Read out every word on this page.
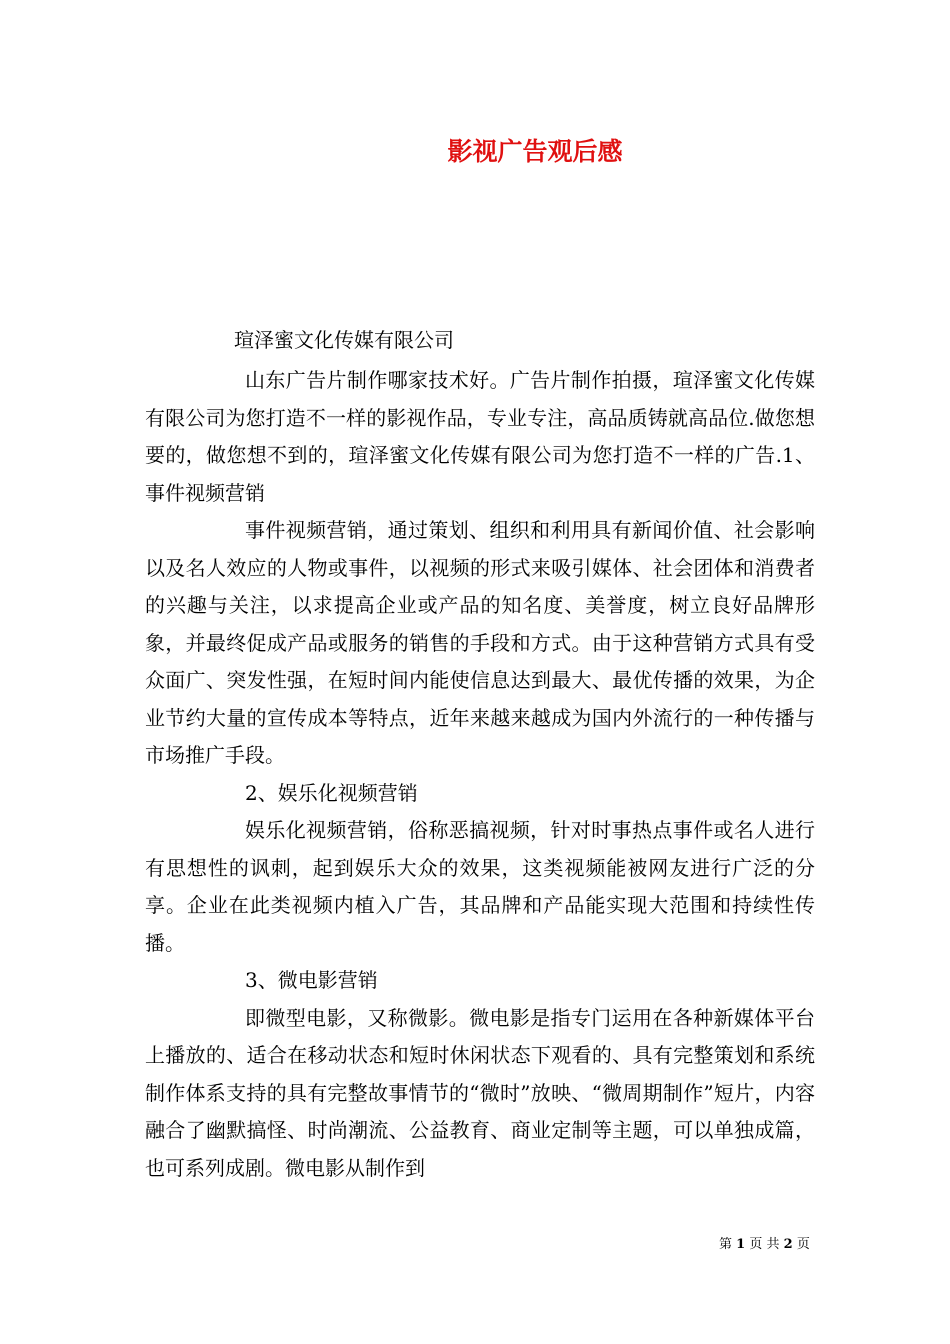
影视广告观后感
瑄泽蜜文化传媒有限公司

山东广告片制作哪家技术好。广告片制作拍摄，瑄泽蜜文化传媒有限公司为您打造不一样的影视作品，专业专注，高品质铸就高品位.做您想要的，做您想不到的，瑄泽蜜文化传媒有限公司为您打造不一样的广告.1、事件视频营销

事件视频营销，通过策划、组织和利用具有新闻价值、社会影响以及名人效应的人物或事件，以视频的形式来吸引媒体、社会团体和消费者的兴趣与关注，以求提高企业或产品的知名度、美誉度，树立良好品牌形象，并最终促成产品或服务的销售的手段和方式。由于这种营销方式具有受众面广、突发性强，在短时间内能使信息达到最大、最优传播的效果，为企业节约大量的宣传成本等特点，近年来越来越成为国内外流行的一种传播与市场推广手段。

2、娱乐化视频营销

娱乐化视频营销，俗称恶搞视频，针对时事热点事件或名人进行有思想性的讽刺，起到娱乐大众的效果，这类视频能被网友进行广泛的分享。企业在此类视频内植入广告，其品牌和产品能实现大范围和持续性传播。

3、微电影营销

即微型电影，又称微影。微电影是指专门运用在各种新媒体平台上播放的、适合在移动状态和短时休闲状态下观看的、具有完整策划和系统制作体系支持的具有完整故事情节的“微时”放映、“微周期制作”短片，内容融合了幽默搞怪、时尚潮流、公益教育、商业定制等主题，可以单独成篇，也可系列成剧。微电影从制作到

第 1 页 共 2 页
